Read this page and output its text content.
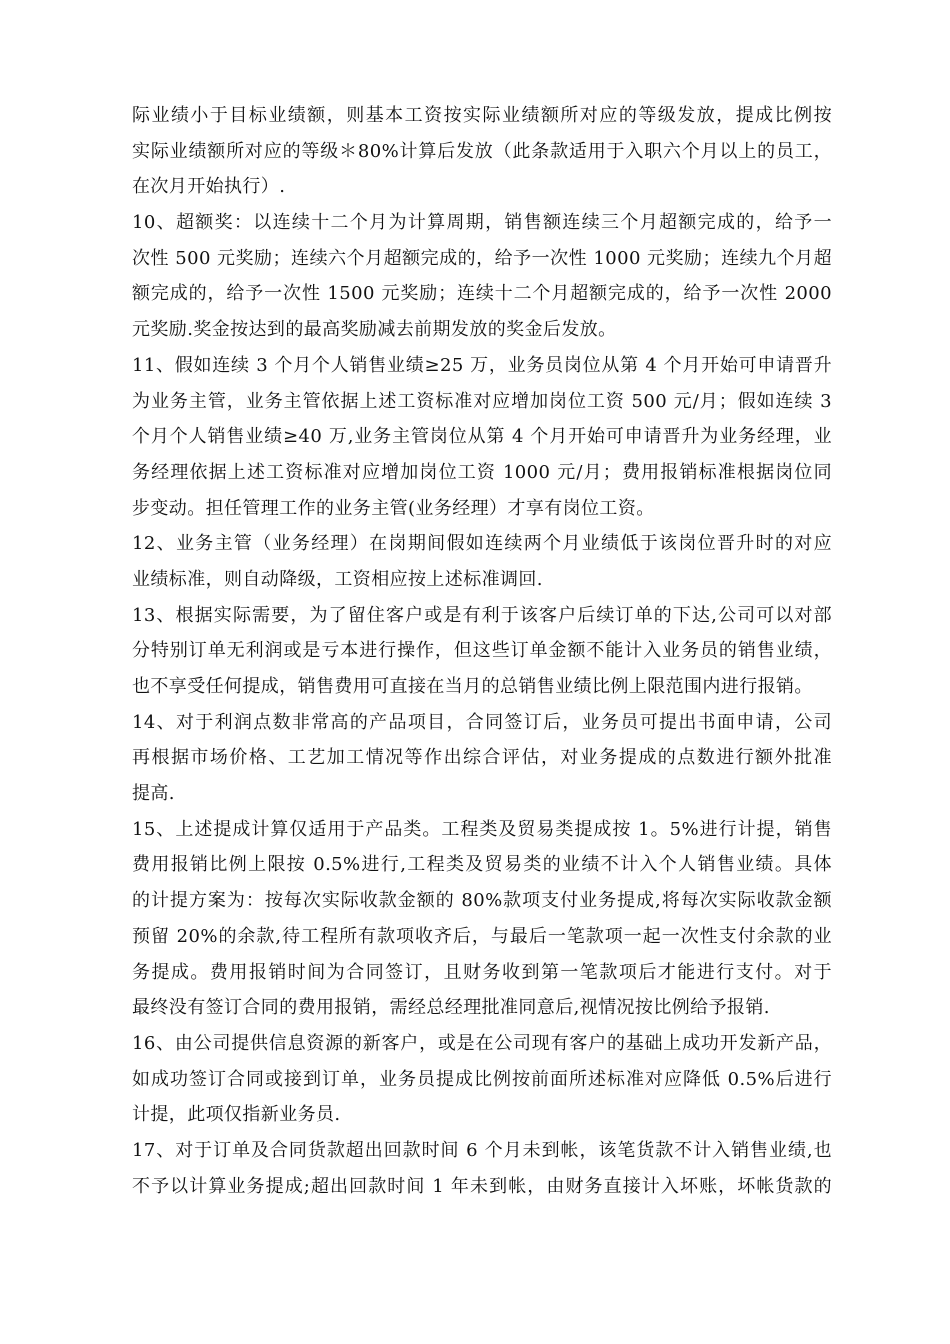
际业绩小于目标业绩额，则基本工资按实际业绩额所对应的等级发放，提成比例按
实际业绩额所对应的等级＊80%计算后发放（此条款适用于入职六个月以上的员工，
在次月开始执行）.
10、超额奖：以连续十二个月为计算周期，销售额连续三个月超额完成的，给予一
次性 500 元奖励；连续六个月超额完成的，给予一次性 1000 元奖励；连续九个月超
额完成的，给予一次性 1500 元奖励；连续十二个月超额完成的，给予一次性 2000
元奖励.奖金按达到的最高奖励减去前期发放的奖金后发放。
11、假如连续 3 个月个人销售业绩≥25 万，业务员岗位从第 4 个月开始可申请晋升
为业务主管，业务主管依据上述工资标准对应增加岗位工资 500 元/月；假如连续 3
个月个人销售业绩≥40 万,业务主管岗位从第 4 个月开始可申请晋升为业务经理，业
务经理依据上述工资标准对应增加岗位工资 1000 元/月；费用报销标准根据岗位同
步变动。担任管理工作的业务主管(业务经理）才享有岗位工资。
12、业务主管（业务经理）在岗期间假如连续两个月业绩低于该岗位晋升时的对应
业绩标准，则自动降级，工资相应按上述标准调回.
13、根据实际需要，为了留住客户或是有利于该客户后续订单的下达,公司可以对部
分特别订单无利润或是亏本进行操作，但这些订单金额不能计入业务员的销售业绩，
也不享受任何提成，销售费用可直接在当月的总销售业绩比例上限范围内进行报销。
14、对于利润点数非常高的产品项目，合同签订后，业务员可提出书面申请，公司
再根据市场价格、工艺加工情况等作出综合评估，对业务提成的点数进行额外批准
提高.
15、上述提成计算仅适用于产品类。工程类及贸易类提成按 1。5%进行计提，销售
费用报销比例上限按 0.5%进行,工程类及贸易类的业绩不计入个人销售业绩。具体
的计提方案为：按每次实际收款金额的 80%款项支付业务提成,将每次实际收款金额
预留 20%的余款,待工程所有款项收齐后，与最后一笔款项一起一次性支付余款的业
务提成。费用报销时间为合同签订，且财务收到第一笔款项后才能进行支付。对于
最终没有签订合同的费用报销，需经总经理批准同意后,视情况按比例给予报销.
16、由公司提供信息资源的新客户，或是在公司现有客户的基础上成功开发新产品，
如成功签订合同或接到订单，业务员提成比例按前面所述标准对应降低 0.5%后进行
计提，此项仅指新业务员.
17、对于订单及合同货款超出回款时间 6 个月未到帐，该笔货款不计入销售业绩,也
不予以计算业务提成;超出回款时间 1 年未到帐，由财务直接计入坏账，坏帐货款的
